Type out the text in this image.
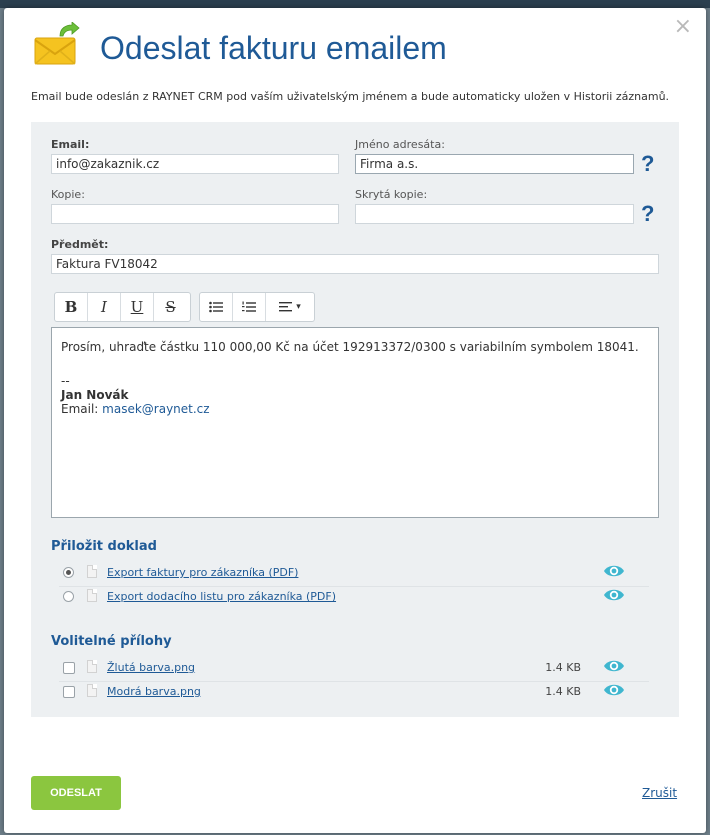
×
Odeslat fakturu emailem

Email bude odeslán z RAYNET CRM pod vaším uživatelským jménem a bude automaticky uložen v Historii záznamů.

Email:
info@zakaznik.cz
Jméno adresáta:
Firma a.s.	?
Kopie:	Skrytá kopie:
?
Předmět:
Faktura FV18042
B	I	U	S	▾

Prosím, uhraďte částku 110 000,00 Kč na účet 192913372/0300 s variabilním symbolem 18041.

--

Jan Novák

Email: masek@raynet.cz

Přiložit doklad
Export faktury pro zákazníka (PDF)
Export dodacího listu pro zákazníka (PDF)
Volitelné přílohy
Žlutá barva.png	1.4 KB
Modrá barva.png	1.4 KB
ODESLAT	Zrušit
